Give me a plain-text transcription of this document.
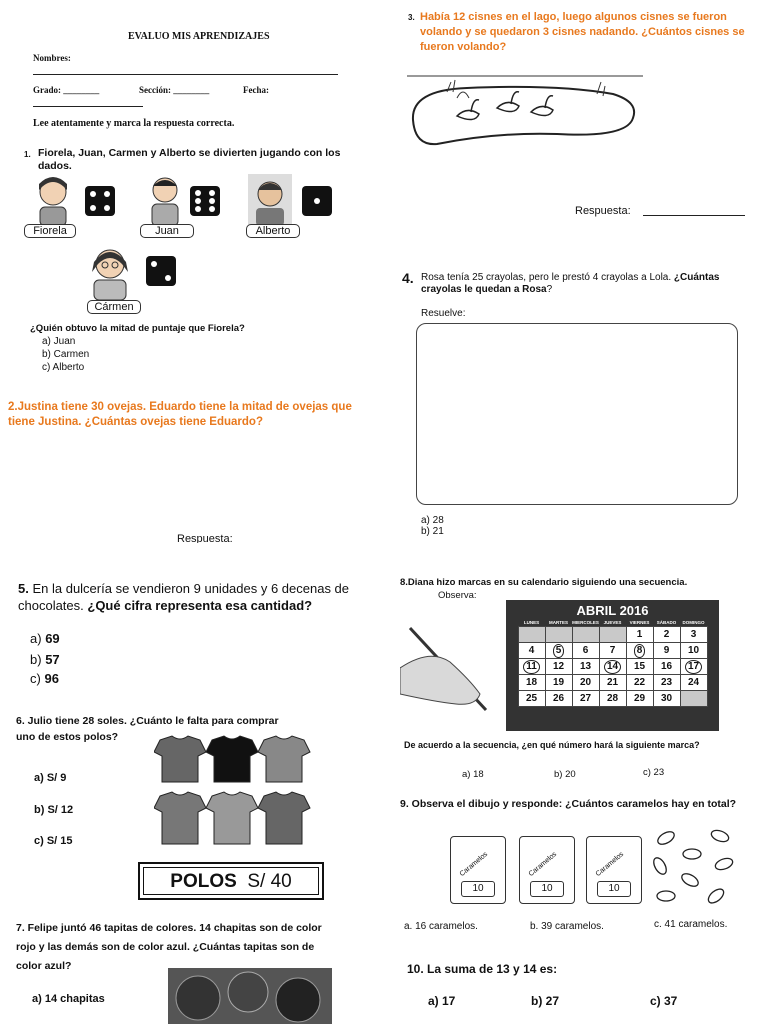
EVALUO MIS APRENDIZAJES
Nombres:
Grado: ________	Sección: ________	Fecha:
Lee atentamente y marca la respuesta correcta.
1. Fiorela, Juan, Carmen y Alberto se divierten jugando con los dados.
Fiorela	Juan	Alberto
Cármen
¿Quién obtuvo la mitad de puntaje que Fiorela?
a) Juan
b) Carmen
c) Alberto
2.Justina tiene 30 ovejas. Eduardo tiene la mitad de ovejas que tiene Justina. ¿Cuántas ovejas tiene Eduardo?
Respuesta:
3. Había 12 cisnes en el lago, luego algunos cisnes se fueron volando y se quedaron 3 cisnes nadando. ¿Cuántos cisnes se fueron volando?
Respuesta:
4. Rosa tenía 25 crayolas, pero le prestó 4 crayolas a Lola. ¿Cuántas crayolas le quedan a Rosa?
Resuelve:
a) 28
b) 21
5. En la dulcería se vendieron 9 unidades y 6 decenas de chocolates. ¿Qué cifra representa esa cantidad?
a) 69
b) 57
c) 96
6. Julio tiene 28 soles. ¿Cuánto le falta para comprar uno de estos polos?
a) S/ 9
b) S/ 12
c) S/ 15
POLOS S/ 40
7. Felipe juntó 46 tapitas de colores. 14 chapitas son de color rojo y las demás son de color azul. ¿Cuántas tapitas son de color azul?
a) 14 chapitas
8.Diana hizo marcas en su calendario siguiendo una secuencia.
Observa:
ABRIL 2016
LUNES	MARTES	MIERCOLES	JUEVES	VIERNES	SÁBADO	DOMINGO
				1	2	3
4	5	6	7	8	9	10
11	12	13	14	15	16	17
18	19	20	21	22	23	24
25	26	27	28	29	30	
De acuerdo a la secuencia, ¿en qué número hará la siguiente marca?
a) 18	b) 20	c) 23
9. Observa el dibujo y responde: ¿Cuántos caramelos hay en total?
Caramelos
10
Caramelos
10
Caramelos
10
a. 16 caramelos.	b. 39 caramelos.	c. 41 caramelos.
10. La suma de 13 y 14 es:
a) 17	b) 27	c) 37
